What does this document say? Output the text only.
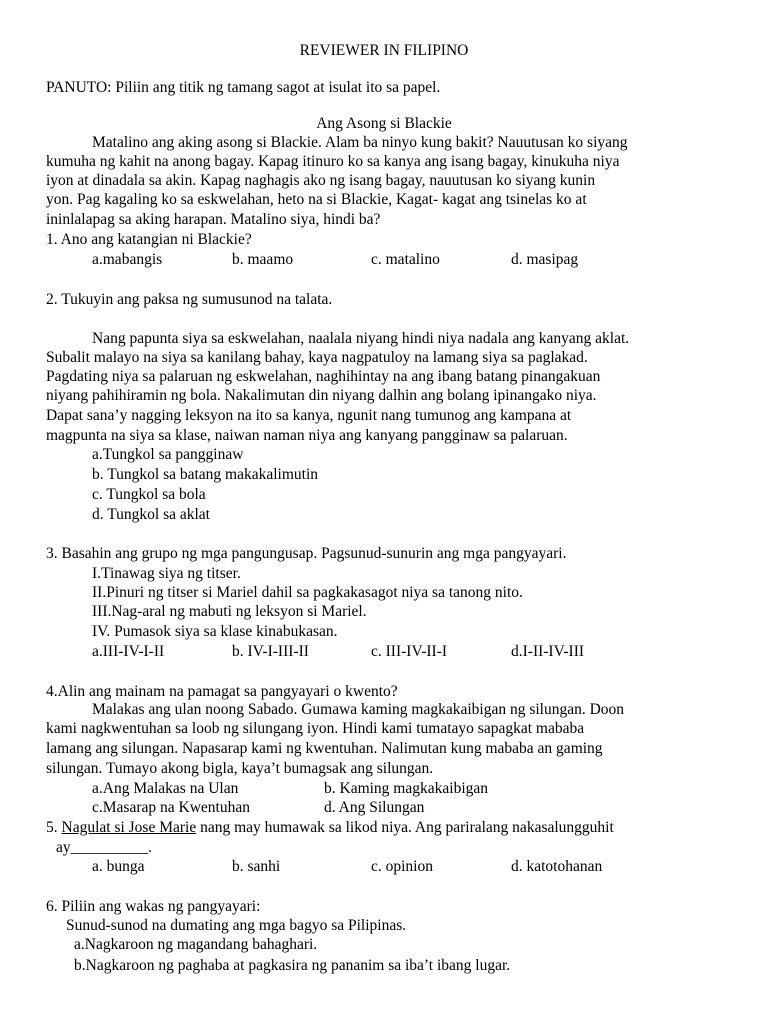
REVIEWER IN FILIPINO
PANUTO: Piliin ang titik ng tamang sagot at isulat ito sa papel.
Ang Asong si Blackie
Matalino ang aking asong si Blackie. Alam ba ninyo kung bakit? Nauutusan ko siyang
kumuha ng kahit na anong bagay. Kapag itinuro ko sa kanya ang isang bagay, kinukuha niya
iyon at dinadala sa akin. Kapag naghagis ako ng isang bagay, nauutusan ko siyang kunin
yon. Pag kagaling ko sa eskwelahan, heto na si Blackie, Kagat- kagat ang tsinelas ko at
ininlalapag sa aking harapan. Matalino siya, hindi ba?
1. Ano ang katangian ni Blackie?
a.mabangis	b. maamo	c. matalino	d. masipag
2. Tukuyin ang paksa ng sumusunod na talata.
Nang papunta siya sa eskwelahan, naalala niyang hindi niya nadala ang kanyang aklat.
Subalit malayo na siya sa kanilang bahay, kaya nagpatuloy na lamang siya sa paglakad.
Pagdating niya sa palaruan ng eskwelahan, naghihintay na ang ibang batang pinangakuan
niyang pahihiramin ng bola. Nakalimutan din niyang dalhin ang bolang ipinangako niya.
Dapat sana’y nagging leksyon na ito sa kanya, ngunit nang tumunog ang kampana at
magpunta na siya sa klase, naiwan naman niya ang kanyang pangginaw sa palaruan.
a.Tungkol sa pangginaw
b. Tungkol sa batang makakalimutin
c. Tungkol sa bola
d. Tungkol sa aklat
3. Basahin ang grupo ng mga pangungusap. Pagsunud-sunurin ang mga pangyayari.
I.Tinawag siya ng titser.
II.Pinuri ng titser si Mariel dahil sa pagkakasagot niya sa tanong nito.
III.Nag-aral ng mabuti ng leksyon si Mariel.
IV. Pumasok siya sa klase kinabukasan.
a.III-IV-I-II	b. IV-I-III-II	c. III-IV-II-I	d.I-II-IV-III
4.Alin ang mainam na pamagat sa pangyayari o kwento?
Malakas ang ulan noong Sabado. Gumawa kaming magkakaibigan ng silungan. Doon
kami nagkwentuhan sa loob ng silungang iyon. Hindi kami tumatayo sapagkat mababa
lamang ang silungan. Napasarap kami ng kwentuhan. Nalimutan kung mababa an gaming
silungan. Tumayo akong bigla, kaya’t bumagsak ang silungan.
a.Ang Malakas na Ulan	b. Kaming magkakaibigan
c.Masarap na Kwentuhan	d. Ang Silungan
5. Nagulat si Jose Marie nang may humawak sa likod niya. Ang pariralang nakasalungguhit
ay__________.
a. bunga	b. sanhi	c. opinion	d. katotohanan
6. Piliin ang wakas ng pangyayari:
Sunud-sunod na dumating ang mga bagyo sa Pilipinas.
a.Nagkaroon ng magandang bahaghari.
b.Nagkaroon ng paghaba at pagkasira ng pananim sa iba’t ibang lugar.
